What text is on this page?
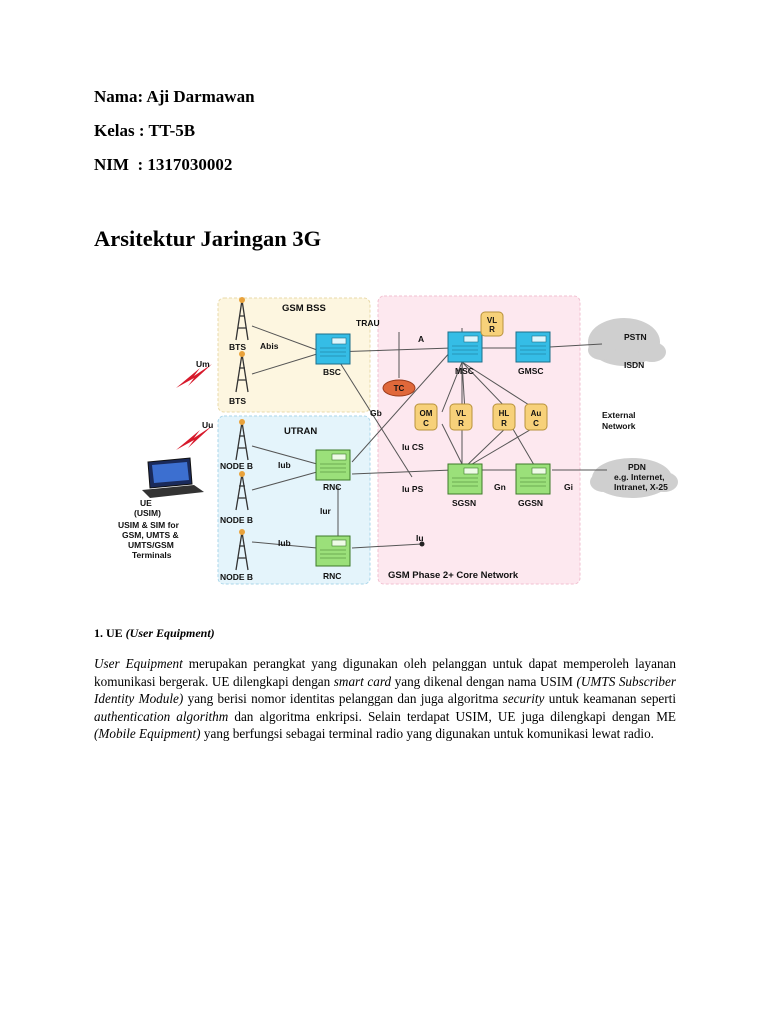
Nama: Aji Darmawan
Kelas : TT-5B
NIM  : 1317030002
Arsitektur Jaringan 3G
GSM BSS
UTRAN
GSM Phase 2+ Core Network
BTS
BTS
NODE B
NODE B
NODE B
BSC
RNC
RNC
MSC	GMSC
SGSN	GGSN
VL
R
OM
C
VL
R
HL
R
Au
C
TC
TRAU
Abis
A
Um
Uu
Gb
Iu CS
Iub
Iub
Iur
Iu PS
Iu
Gn	Gi
PSTN
ISDN
External
Network
PDN
e.g. Internet,
Intranet, X-25
UE
(USIM)
USIM & SIM for
GSM, UMTS &
UMTS/GSM
Terminals
1. UE (User Equipment)
User Equipment merupakan perangkat yang digunakan oleh pelanggan untuk dapat memperoleh layanan komunikasi bergerak. UE dilengkapi dengan smart card yang dikenal dengan nama USIM (UMTS Subscriber Identity Module) yang berisi nomor identitas pelanggan dan juga algoritma security untuk keamanan seperti authentication algorithm dan algoritma enkripsi. Selain terdapat USIM, UE juga dilengkapi dengan ME (Mobile Equipment) yang berfungsi sebagai terminal radio yang digunakan untuk komunikasi lewat radio.
